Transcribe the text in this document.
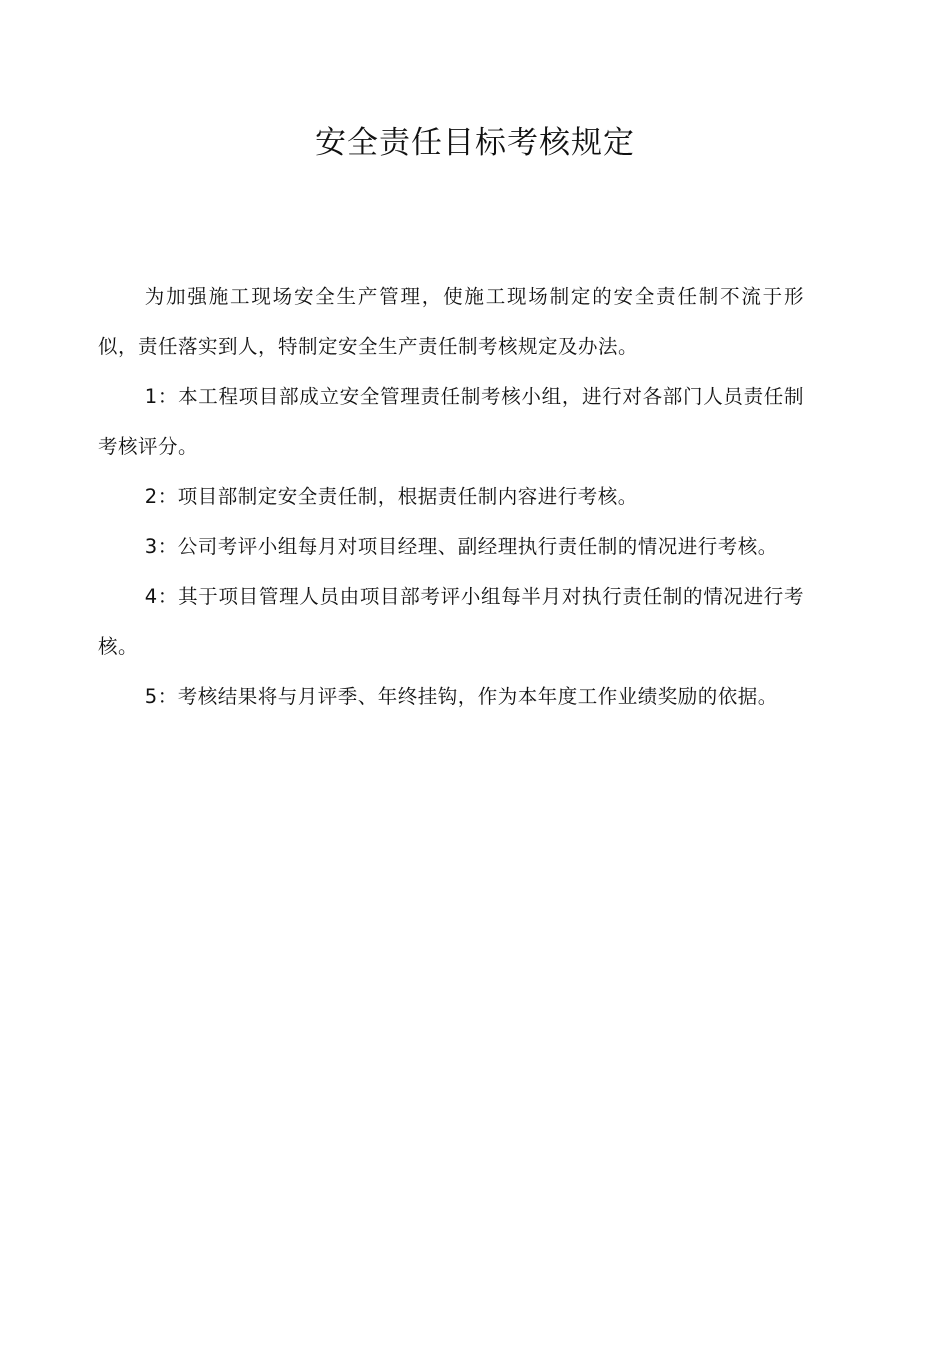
安全责任目标考核规定

为加强施工现场安全生产管理，使施工现场制定的安全责任制不流于形似，责任落实到人，特制定安全生产责任制考核规定及办法。

1：本工程项目部成立安全管理责任制考核小组，进行对各部门人员责任制考核评分。

2：项目部制定安全责任制，根据责任制内容进行考核。

3：公司考评小组每月对项目经理、副经理执行责任制的情况进行考核。

4：其于项目管理人员由项目部考评小组每半月对执行责任制的情况进行考核。

5：考核结果将与月评季、年终挂钩，作为本年度工作业绩奖励的依据。
